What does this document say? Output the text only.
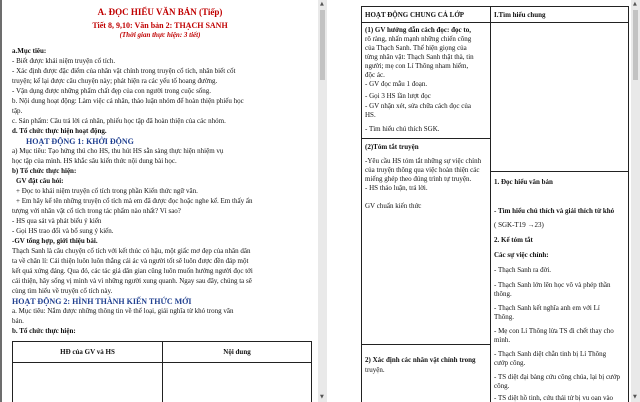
A. ĐỌC HIỂU VĂN BẢN (Tiếp)
Tiết 8, 9,10: Văn bản 2: THẠCH SANH
(Thời gian thực hiện: 3 tiết)
a.Mục tiêu:
- Biết được khái niệm truyện cổ tích.
- Xác định được đặc điểm của nhân vật chính trong truyện cổ tích, nhân biết cốt
truyện; kể lại được câu chuyện này; phát hiện ra các yếu tố hoang đường.
- Vận dụng được những phẩm chất đẹp của con người trong cuộc sống.
b. Nội dung hoạt động: Làm việc cá nhân, thảo luận nhóm để hoàn thiện phiếu học
tập.
c. Sản phẩm: Câu trả lời cá nhân, phiếu học tập đã hoàn thiện của các nhóm.
d. Tổ chức thực hiện hoạt động.
HOẠT ĐỘNG 1: KHỞI ĐỘNG
a) Mục tiêu: Tạo hứng thú cho HS, thu hút HS sẵn sàng thực hiện nhiệm vụ
học tập của mình. HS khắc sâu kiến thức nội dung bài học.
b) Tổ chức thực hiện:
GV đặt câu hỏi:
+ Đọc to khái niệm truyện cổ tích trong phần Kiến thức ngữ văn.
+ Em hãy kể tên những truyện cổ tích mà em đã được đọc hoặc nghe kể. Em thấy ấn
tượng với nhân vật cổ tích trong tác phẩm nào nhất? Vì sao?
- HS qua sát và phát biểu ý kiến
- Gọi HS trao đổi và bổ sung ý kiến.
-GV tổng hợp, giới thiệu bài.
Thạch Sanh là câu chuyện cổ tích với kết thúc có hậu, một giấc mơ đẹp của nhân dân
ta về chân lí: Cái thiện luôn luôn thắng cái ác và người tốt sẽ luôn được đền đáp một
kết quả xứng đáng. Qua đó, các tác giả dân gian cũng luôn muốn hướng người đọc tới
cái thiện, hãy sống vị mình và vì những người xung quanh. Ngay sau đây, chúng ta sẽ
cùng tìm hiểu về truyện cổ tích này.
HOẠT ĐỘNG 2: HÌNH THÀNH KIẾN THỨC MỚI
a. Mục tiêu: Nắm được những thông tin về thể loại, giải nghĩa từ khó trong văn
bản.
b. Tổ chức thực hiện:
HĐ của GV và HS	Nội dung
▲
▼
HOẠT ĐỘNG CHUNG CẢ LỚP	I.Tìm hiểu chung
(1) GV hướng dẫn cách đọc: đọc to,
rõ ràng, nhấn mạnh những chiến công
của Thạch Sanh. Thể hiện giọng của
từng nhân vật: Thạch Sanh thật thà, tin
người; mẹ con Lí Thông nham hiểm,
độc ác.
- GV đọc mẫu 1 đoạn.
- Gọi 3 HS lần lượt đọc
- GV nhận xét, sửa chữa cách đọc của
HS.
- Tìm hiểu chú thích SGK.
(2)Tóm tắt truyện
-Yêu cầu HS tóm tắt những sự việc chính
của truyện thông qua việc hoàn thiện các
miếng ghép theo đúng trình tự truyện.
- HS thảo luận, trả lời.
GV chuẩn kiến thức
2) Xác định các nhân vật chính trong
truyện.
1. Đọc hiểu văn bản
- Tìm hiểu chú thích và giải thích từ khó
( SGK-T19 →23)
2. Kể tóm tắt
Các sự việc chính:
- Thạch Sanh ra đời.
- Thạch Sanh lớn lên học võ và phép thần
thông.
- Thạch Sanh kết nghĩa anh em với Lí
Thông.
- Mẹ con Lí Thông lừa TS đi chết thay cho
mình.
- Thạch Sanh diệt chằn tinh bị Lí Thông
cướp công.
- TS diệt đại bàng cứu công chúa, lại bị cướp
công.
- TS diệt hồ tinh, cứu thái tử bị vu oan vào
▲
▼
